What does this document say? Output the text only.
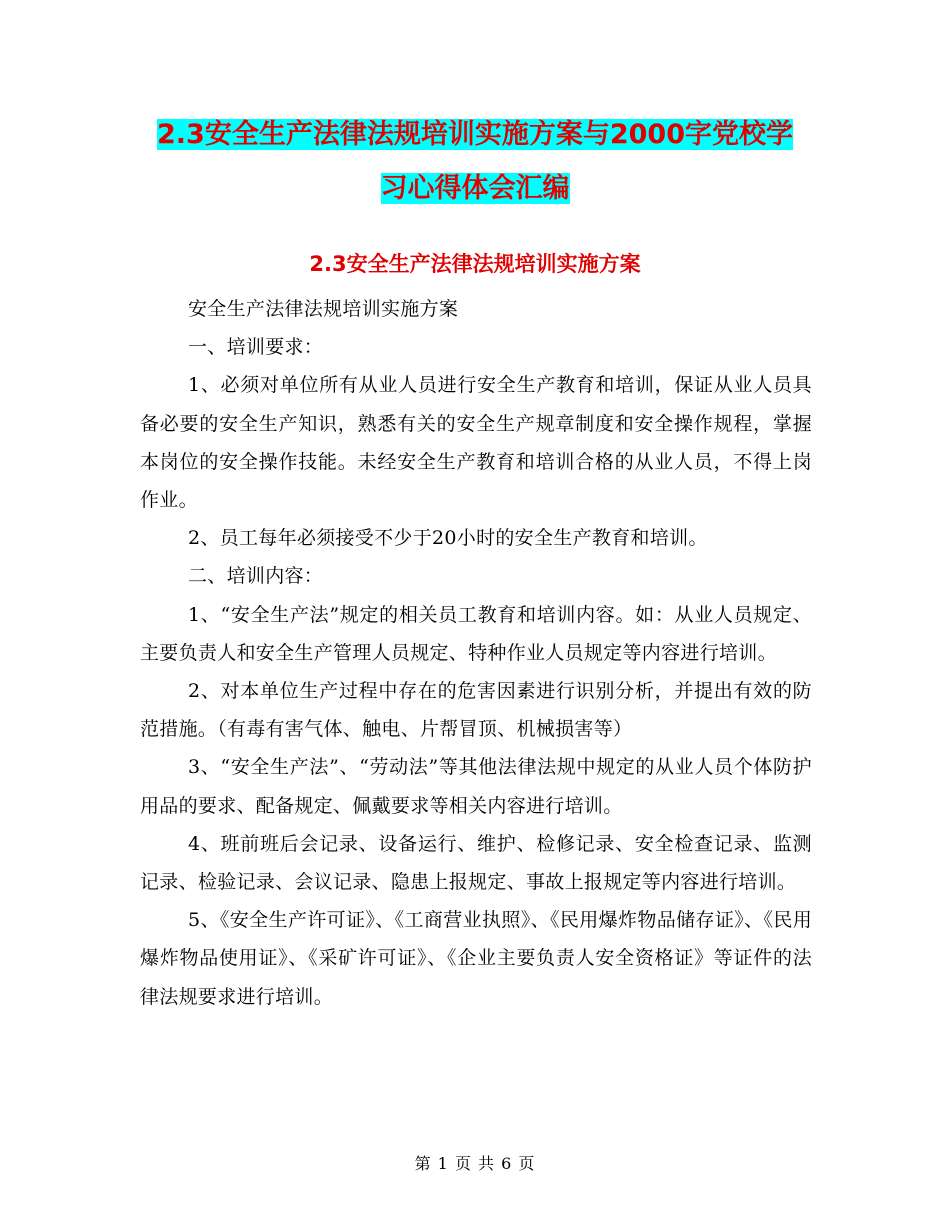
2.3安全生产法律法规培训实施方案与2000字党校学
习心得体会汇编
2.3安全生产法律法规培训实施方案

安全生产法律法规培训实施方案

一、培训要求：

1、必须对单位所有从业人员进行安全生产教育和培训，保证从业人员具备必要的安全生产知识，熟悉有关的安全生产规章制度和安全操作规程，掌握本岗位的安全操作技能。未经安全生产教育和培训合格的从业人员，不得上岗作业。

2、员工每年必须接受不少于20小时的安全生产教育和培训。

二、培训内容：

1、“安全生产法”规定的相关员工教育和培训内容。如：从业人员规定、主要负责人和安全生产管理人员规定、特种作业人员规定等内容进行培训。

2、对本单位生产过程中存在的危害因素进行识别分析，并提出有效的防范措施。（有毒有害气体、触电、片帮冒顶、机械损害等）

3、“安全生产法”、“劳动法”等其他法律法规中规定的从业人员个体防护用品的要求、配备规定、佩戴要求等相关内容进行培训。

4、班前班后会记录、设备运行、维护、检修记录、安全检查记录、监测记录、检验记录、会议记录、隐患上报规定、事故上报规定等内容进行培训。

5、《安全生产许可证》、《工商营业执照》、《民用爆炸物品储存证》、《民用爆炸物品使用证》、《采矿许可证》、《企业主要负责人安全资格证》等证件的法律法规要求进行培训。

第 1 页 共 6 页
